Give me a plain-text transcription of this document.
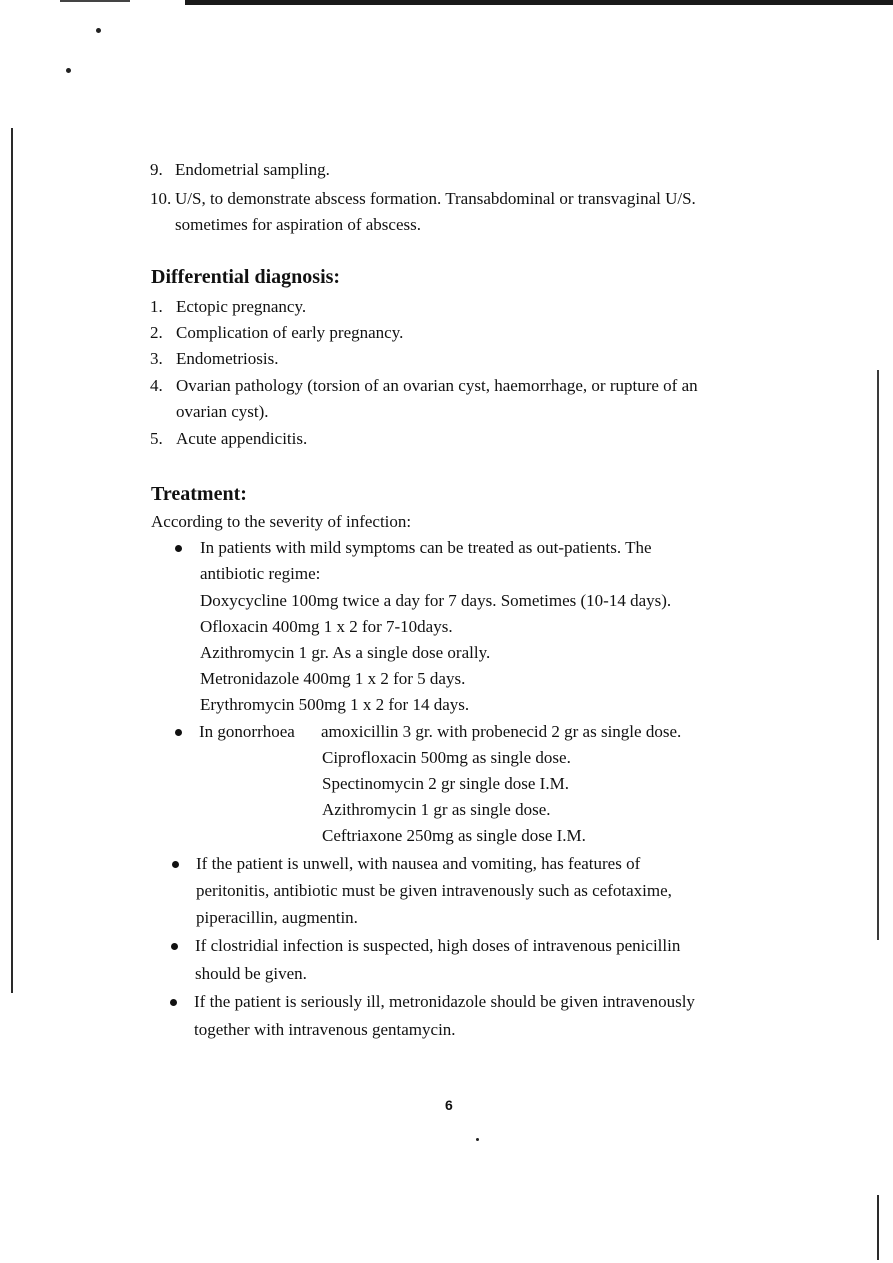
9. Endometrial sampling.
10. U/S, to demonstrate abscess formation. Transabdominal or transvaginal U/S.
sometimes for aspiration of abscess.
Differential diagnosis:
1. Ectopic pregnancy.
2. Complication of early pregnancy.
3. Endometriosis.
4. Ovarian pathology (torsion of an ovarian cyst, haemorrhage, or rupture of an
ovarian cyst).
5. Acute appendicitis.
Treatment:
According to the severity of infection:
In patients with mild symptoms can be treated as out-patients. The
antibiotic regime:
Doxycycline 100mg twice a day for 7 days. Sometimes (10-14 days).
Ofloxacin 400mg 1 x 2 for 7-10days.
Azithromycin 1 gr. As a single dose orally.
Metronidazole 400mg 1 x 2 for 5 days.
Erythromycin 500mg 1 x 2 for 14 days.
In gonorrhoea amoxicillin 3 gr. with probenecid 2 gr as single dose.
Ciprofloxacin 500mg as single dose.
Spectinomycin 2 gr single dose I.M.
Azithromycin 1 gr as single dose.
Ceftriaxone 250mg as single dose I.M.
If the patient is unwell, with nausea and vomiting, has features of
peritonitis, antibiotic must be given intravenously such as cefotaxime,
piperacillin, augmentin.
If clostridial infection is suspected, high doses of intravenous penicillin
should be given.
If the patient is seriously ill, metronidazole should be given intravenously
together with intravenous gentamycin.
6
